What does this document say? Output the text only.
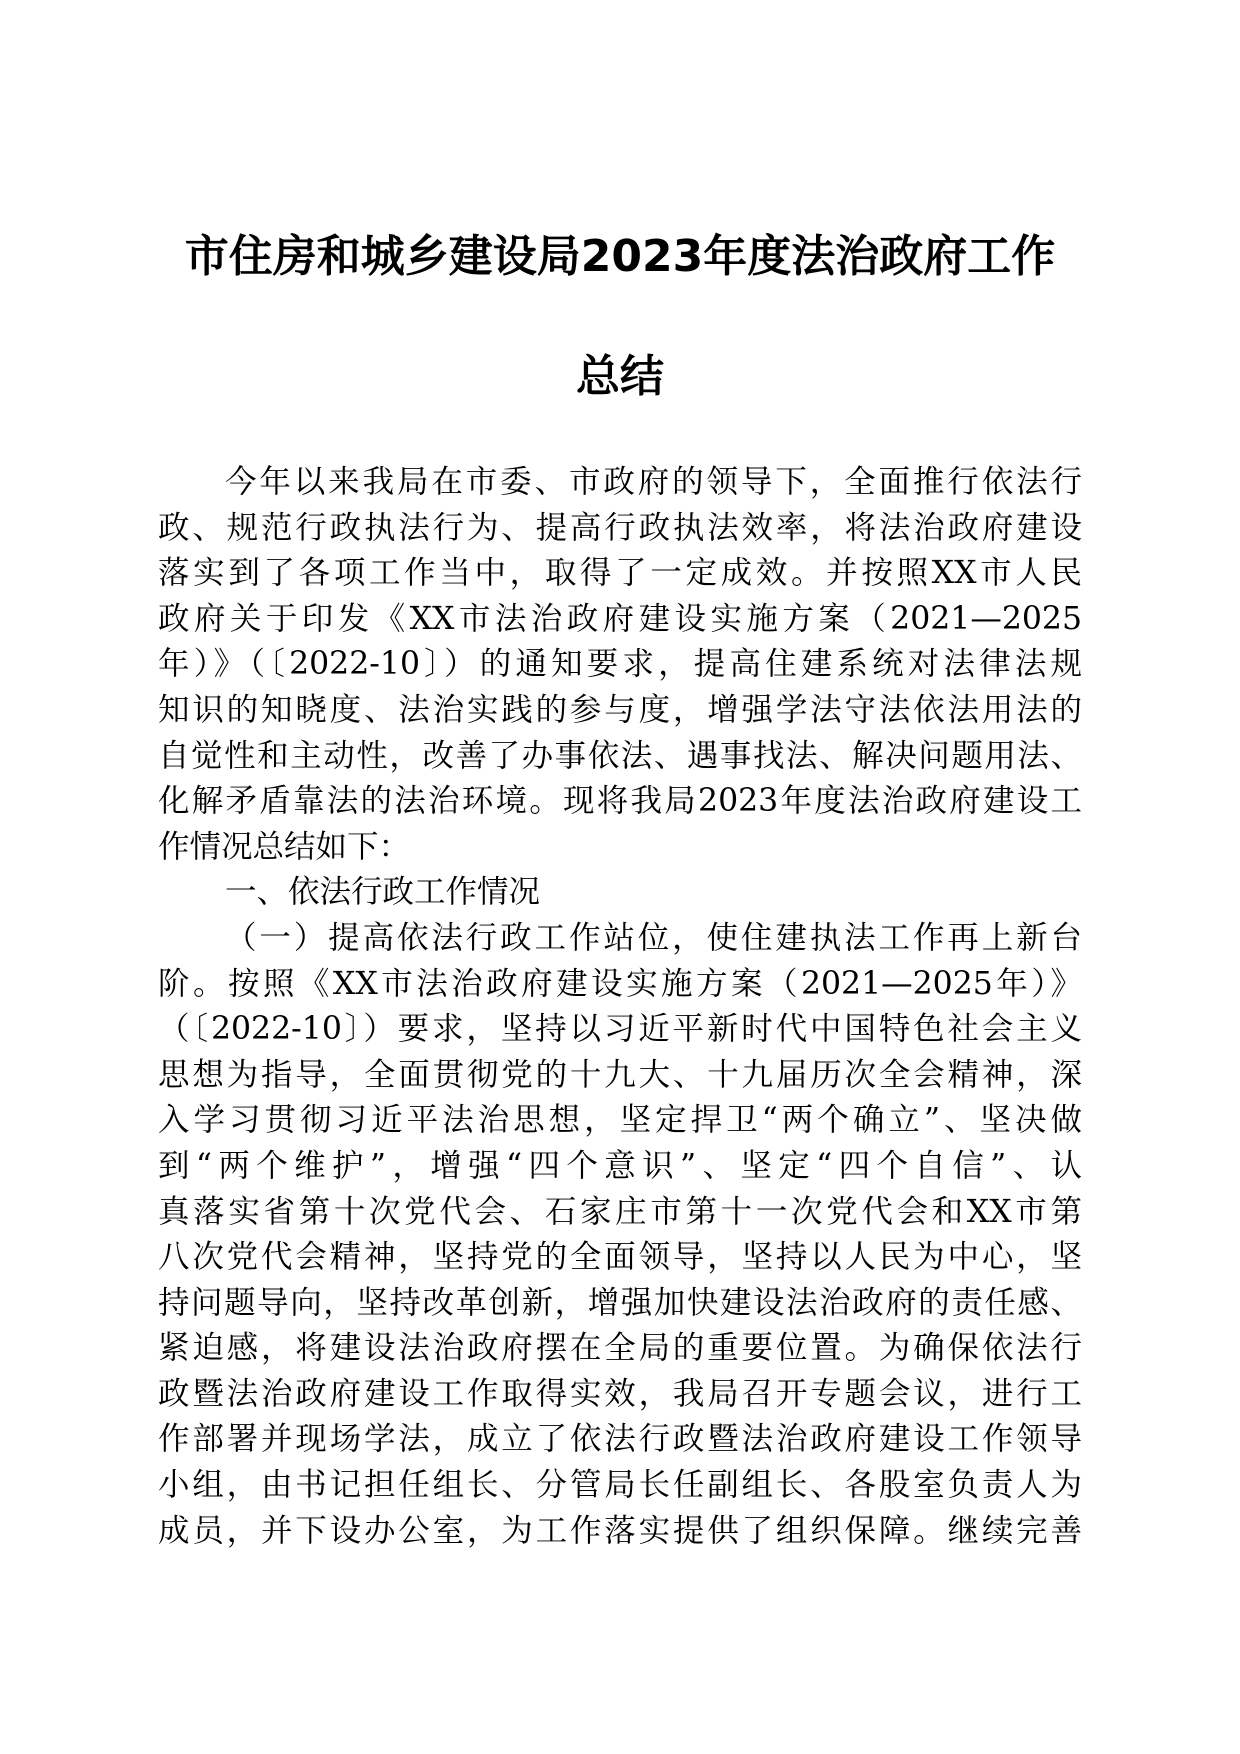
市住房和城乡建设局2023年度法治政府工作
总结
今年以来我局在市委、市政府的领导下，全面推行依法行
政、规范行政执法行为、提高行政执法效率，将法治政府建设
落实到了各项工作当中，取得了一定成效。并按照XX市人民
政府关于印发《XX市法治政府建设实施方案（2021—2025
年）》（〔2022-10〕）的通知要求，提高住建系统对法律法规
知识的知晓度、法治实践的参与度，增强学法守法依法用法的
自觉性和主动性，改善了办事依法、遇事找法、解决问题用法、
化解矛盾靠法的法治环境。现将我局2023年度法治政府建设工
作情况总结如下：
一、依法行政工作情况
（一）提高依法行政工作站位，使住建执法工作再上新台
阶。按照《XX市法治政府建设实施方案（2021—2025年）》
（〔2022-10〕）要求，坚持以习近平新时代中国特色社会主义
思想为指导，全面贯彻党的十九大、十九届历次全会精神，深
入学习贯彻习近平法治思想，坚定捍卫“两个确立”、坚决做
到“两个维护”，增强“四个意识”、坚定“四个自信”、认
真落实省第十次党代会、石家庄市第十一次党代会和XX市第
八次党代会精神，坚持党的全面领导，坚持以人民为中心，坚
持问题导向，坚持改革创新，增强加快建设法治政府的责任感、
紧迫感，将建设法治政府摆在全局的重要位置。为确保依法行
政暨法治政府建设工作取得实效，我局召开专题会议，进行工
作部署并现场学法，成立了依法行政暨法治政府建设工作领导
小组，由书记担任组长、分管局长任副组长、各股室负责人为
成员，并下设办公室，为工作落实提供了组织保障。继续完善
